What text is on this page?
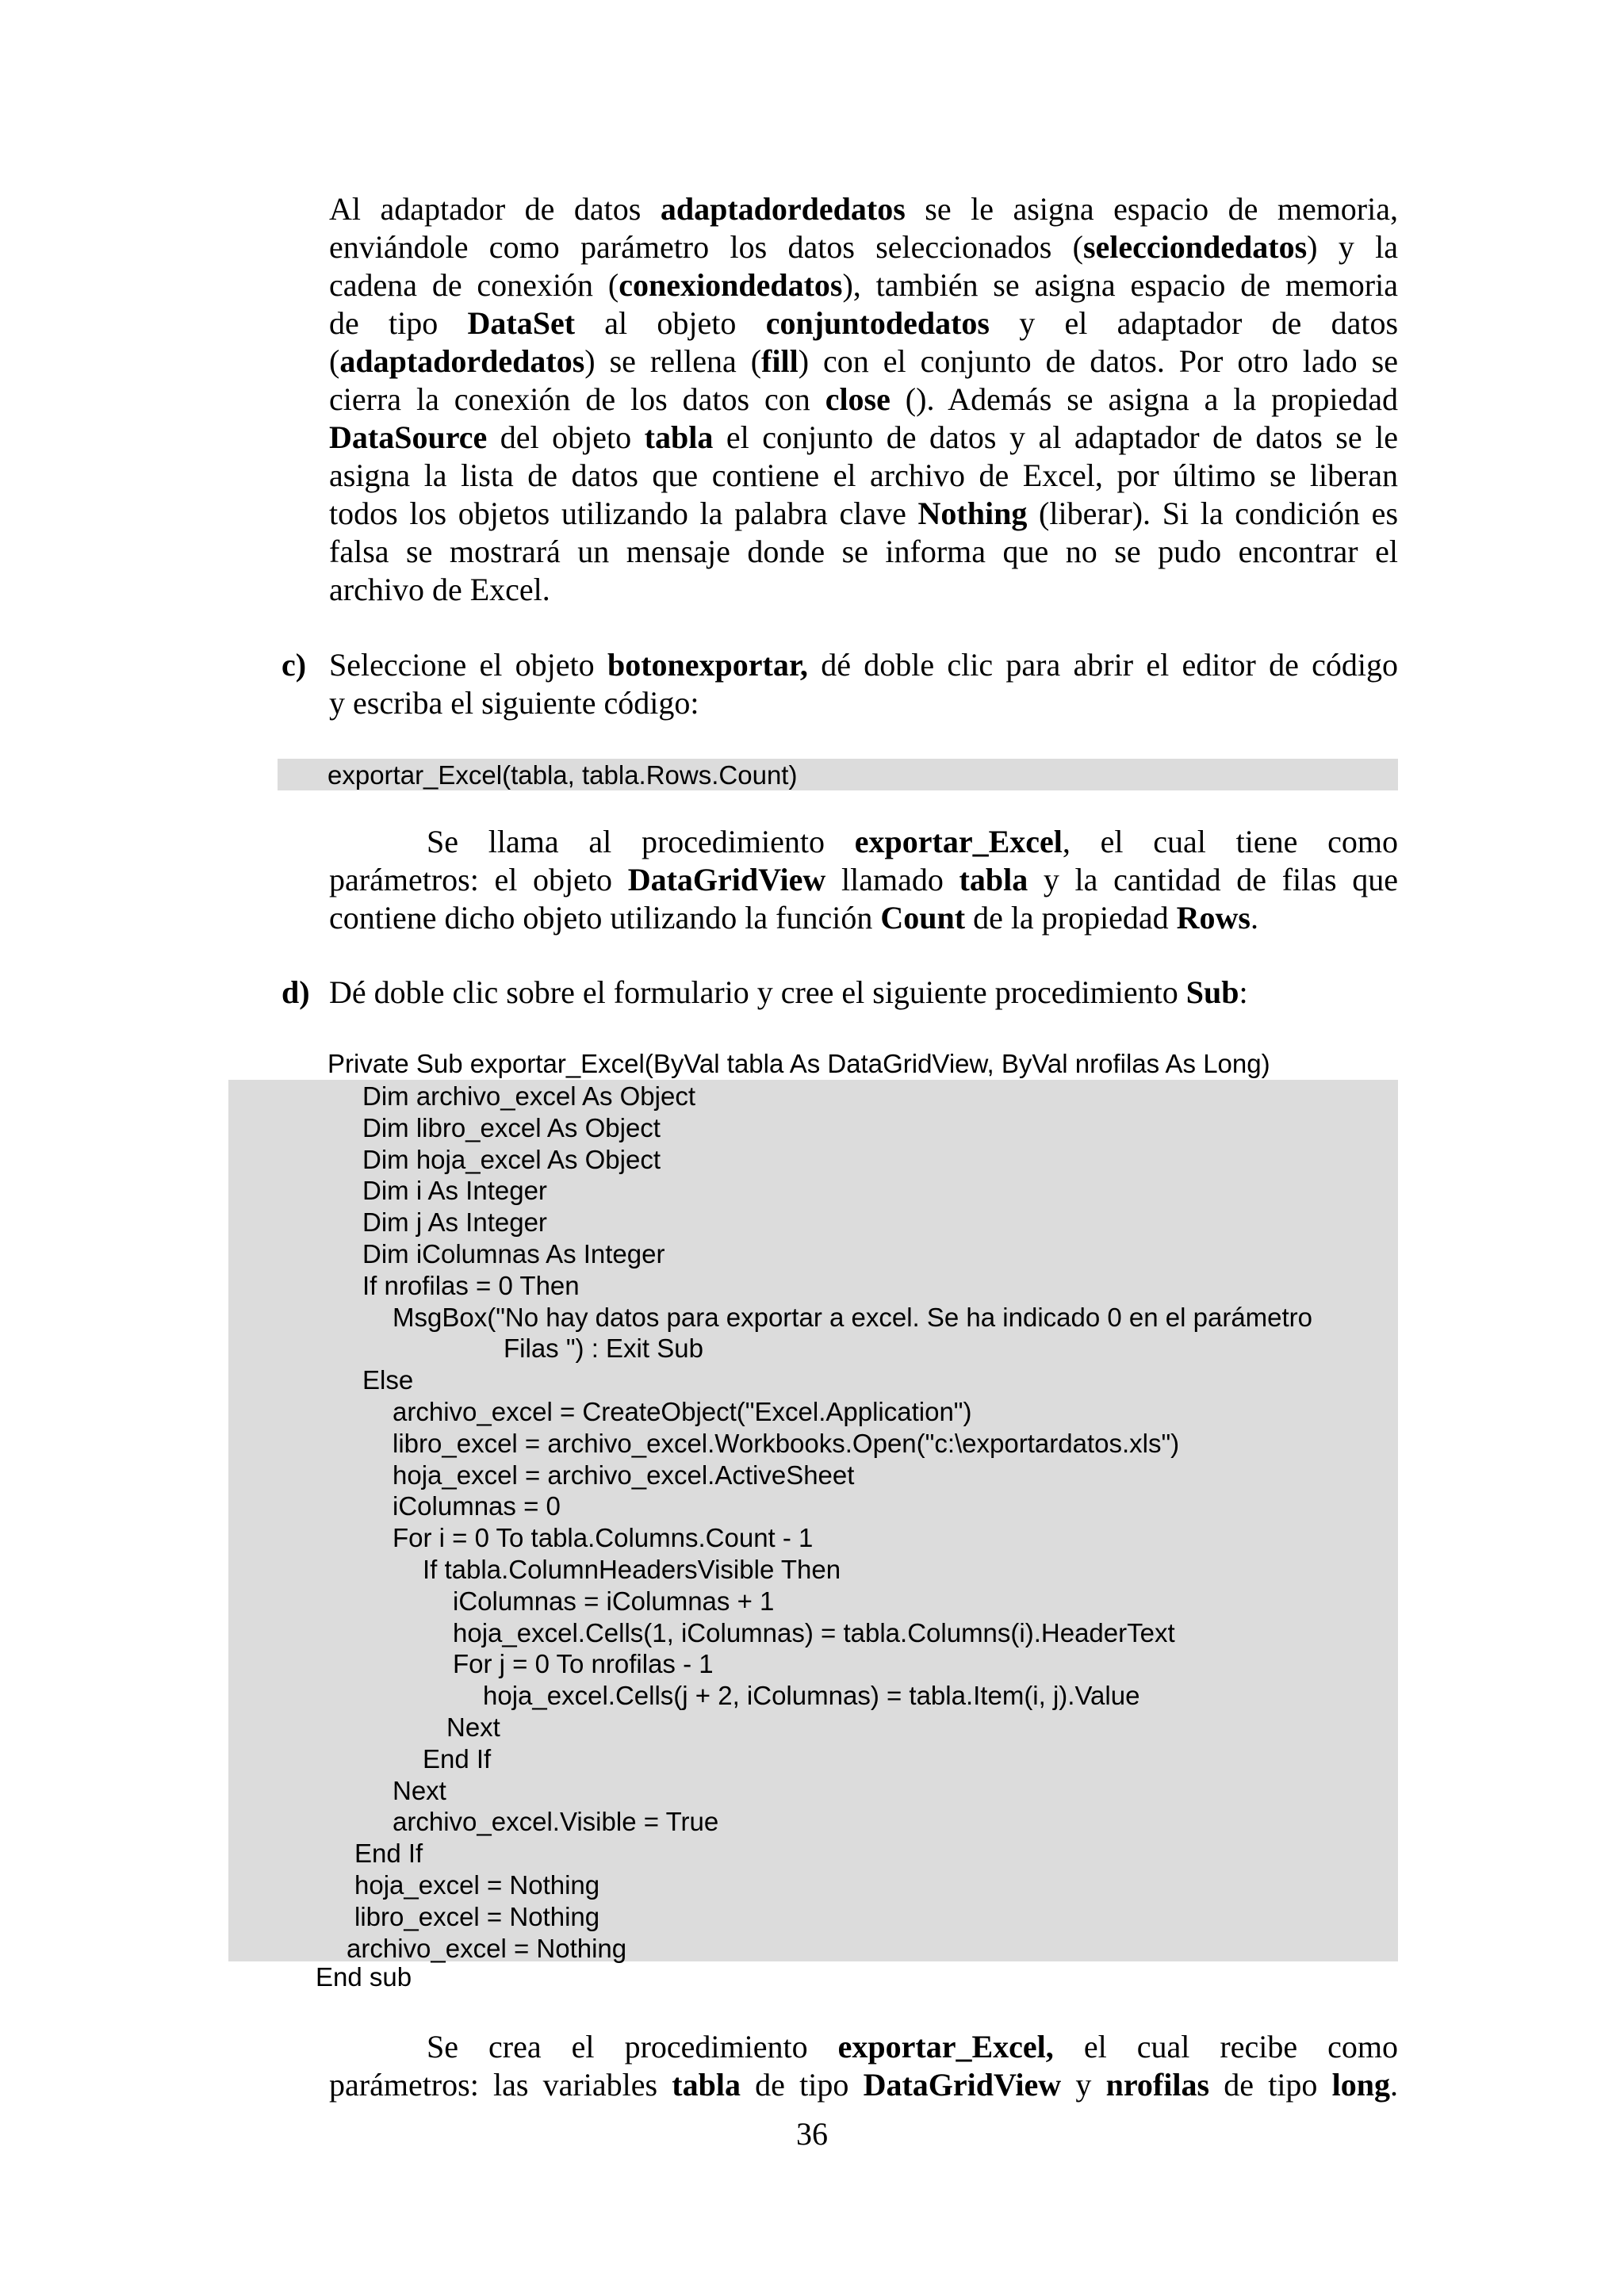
Al adaptador de datos adaptadordedatos se le asigna espacio de memoria,
enviándole como parámetro los datos seleccionados (selecciondedatos) y la
cadena de conexión (conexiondedatos), también se asigna espacio de memoria
de tipo DataSet al objeto conjuntodedatos y el adaptador de datos
(adaptadordedatos) se rellena (fill) con el conjunto de datos. Por otro lado se
cierra la conexión de los datos con close (). Además se asigna a la propiedad
DataSource del objeto tabla el conjunto de datos y al adaptador de datos se le
asigna la lista de datos que contiene el archivo de Excel, por último se liberan
todos los objetos utilizando la palabra clave Nothing (liberar). Si la condición es
falsa se mostrará un mensaje donde se informa que no se pudo encontrar el
archivo de Excel.
c) Seleccione el objeto botonexportar, dé doble clic para abrir el editor de código
y escriba el siguiente código:
exportar_Excel(tabla, tabla.Rows.Count)
Se llama al procedimiento exportar_Excel, el cual tiene como
parámetros: el objeto DataGridView llamado tabla y la cantidad de filas que
contiene dicho objeto utilizando la función Count de la propiedad Rows.
d) Dé doble clic sobre el formulario y cree el siguiente procedimiento Sub:
Private Sub exportar_Excel(ByVal tabla As DataGridView, ByVal nrofilas As Long)
Dim archivo_excel As Object
Dim libro_excel As Object
Dim hoja_excel As Object
Dim i As Integer
Dim j As Integer
Dim iColumnas As Integer
If nrofilas = 0 Then
MsgBox("No hay datos para exportar a excel. Se ha indicado 0 en el parámetro
Filas ") : Exit Sub
Else
archivo_excel = CreateObject("Excel.Application")
libro_excel = archivo_excel.Workbooks.Open("c:\exportardatos.xls")
hoja_excel = archivo_excel.ActiveSheet
iColumnas = 0
For i = 0 To tabla.Columns.Count - 1
If tabla.ColumnHeadersVisible Then
iColumnas = iColumnas + 1
hoja_excel.Cells(1, iColumnas) = tabla.Columns(i).HeaderText
For j = 0 To nrofilas - 1
hoja_excel.Cells(j + 2, iColumnas) = tabla.Item(i, j).Value
Next
End If
Next
archivo_excel.Visible = True
End If
hoja_excel = Nothing
libro_excel = Nothing
archivo_excel = Nothing
End sub
Se crea el procedimiento exportar_Excel, el cual recibe como
parámetros: las variables tabla de tipo DataGridView y nrofilas de tipo long.
36
